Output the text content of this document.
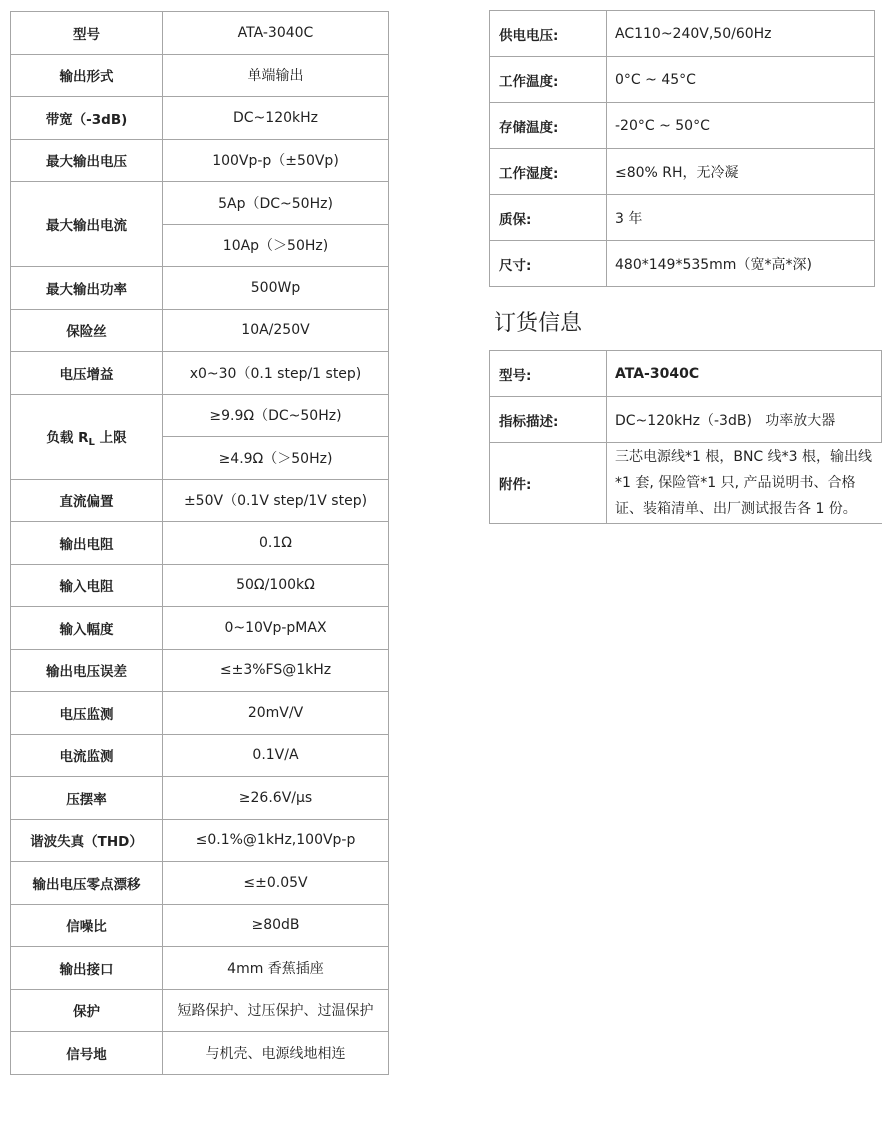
型号	ATA-3040C
输出形式	单端输出
带宽（-3dB)	DC~120kHz
最大输出电压	100Vp-p（±50Vp)
最大输出电流	5Ap（DC~50Hz)
	10Ap（＞50Hz)
最大输出功率	500Wp
保险丝	10A/250V
电压增益	x0~30（0.1 step/1 step)
负载 $R_L$ 上限	≥9.9Ω（DC~50Hz)
	≥4.9Ω（＞50Hz)
直流偏置	±50V（0.1V step/1V step)
输出电阻	0.1Ω
输入电阻	50Ω/100kΩ
输入幅度	0~10Vp-pMAX
输出电压误差	≤±3%FS@1kHz
电压监测	20mV/V
电流监测	0.1V/A
压摆率	≥26.6V/μs
谐波失真（THD）	≤0.1%@1kHz,100Vp-p
输出电压零点漂移	≤±0.05V
信噪比	≥80dB
输出接口	4mm 香蕉插座
保护	短路保护、过压保护、过温保护
信号地	与机壳、电源线地相连
供电电压:	AC110~240V,50/60Hz
工作温度:	0°C ~ 45°C
存储温度:	-20°C ~ 50°C
工作湿度:	≤80% RH，无冷凝
质保:	3 年
尺寸:	480*149*535mm（宽*高*深)
订货信息
型号:	ATA-3040C
指标描述:	DC~120kHz（-3dB)   功率放大器
附件:	三芯电源线*1 根，BNC 线*3 根，输出线*1 套, 保险管*1 只, 产品说明书、合格证、装箱清单、出厂测试报告各 1 份。
